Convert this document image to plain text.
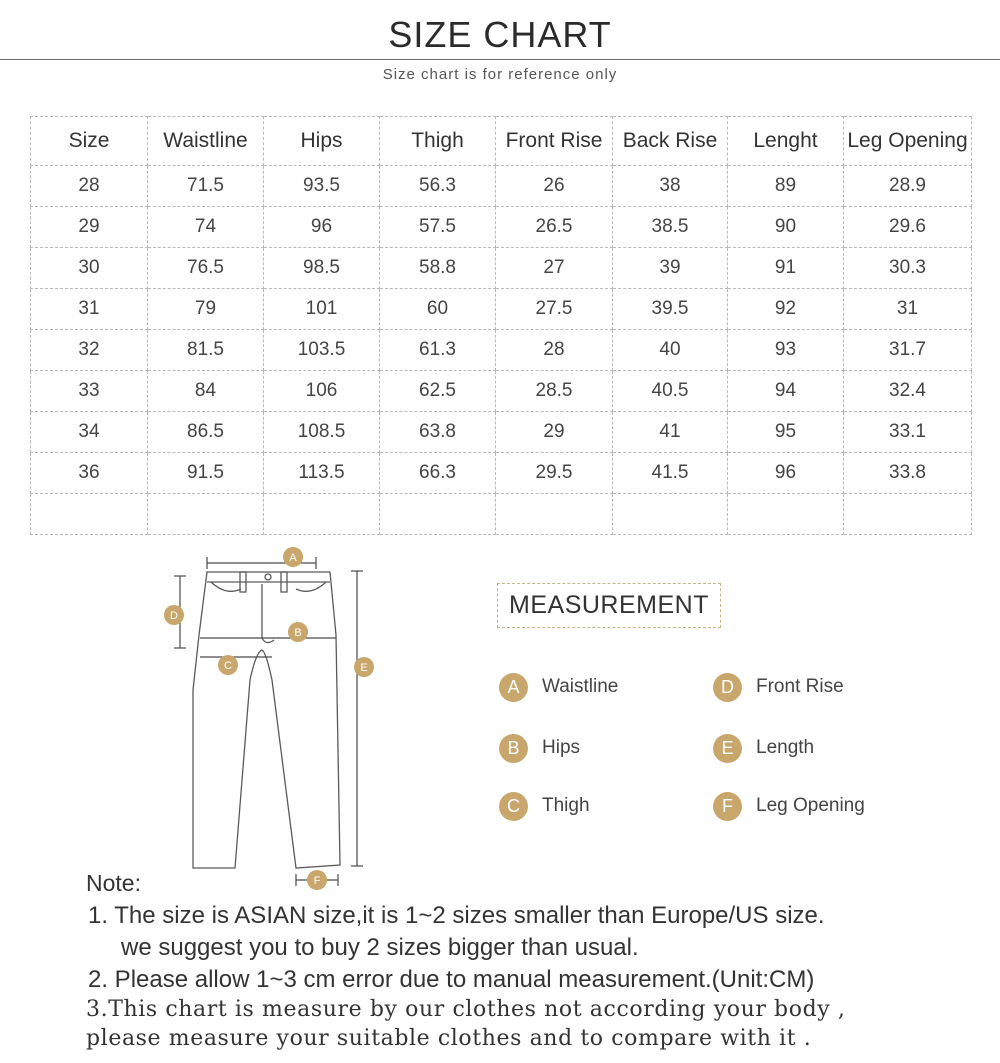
SIZE CHART
Size chart is for reference only
Size	Waistline	Hips	Thigh	Front Rise	Back Rise	Lenght	Leg Opening
28	71.5	93.5	56.3	26	38	89	28.9
29	74	96	57.5	26.5	38.5	90	29.6
30	76.5	98.5	58.8	27	39	91	30.3
31	79	101	60	27.5	39.5	92	31
32	81.5	103.5	61.3	28	40	93	31.7
33	84	106	62.5	28.5	40.5	94	32.4
34	86.5	108.5	63.8	29	41	95	33.1
36	91.5	113.5	66.3	29.5	41.5	96	33.8

A
B
C
D
E
F
MEASUREMENT
A	Waistline	D	Front Rise
B	Hips	E	Length
C	Thigh	F	Leg Opening
Note:
1. The size is ASIAN size,it is 1~2 sizes smaller than Europe/US size.
we suggest you to buy 2 sizes bigger than usual.
2. Please allow 1~3 cm error due to manual measurement.(Unit:CM)
3.This chart is measure by our clothes not according your body ,
please measure your suitable clothes and to compare with it .
